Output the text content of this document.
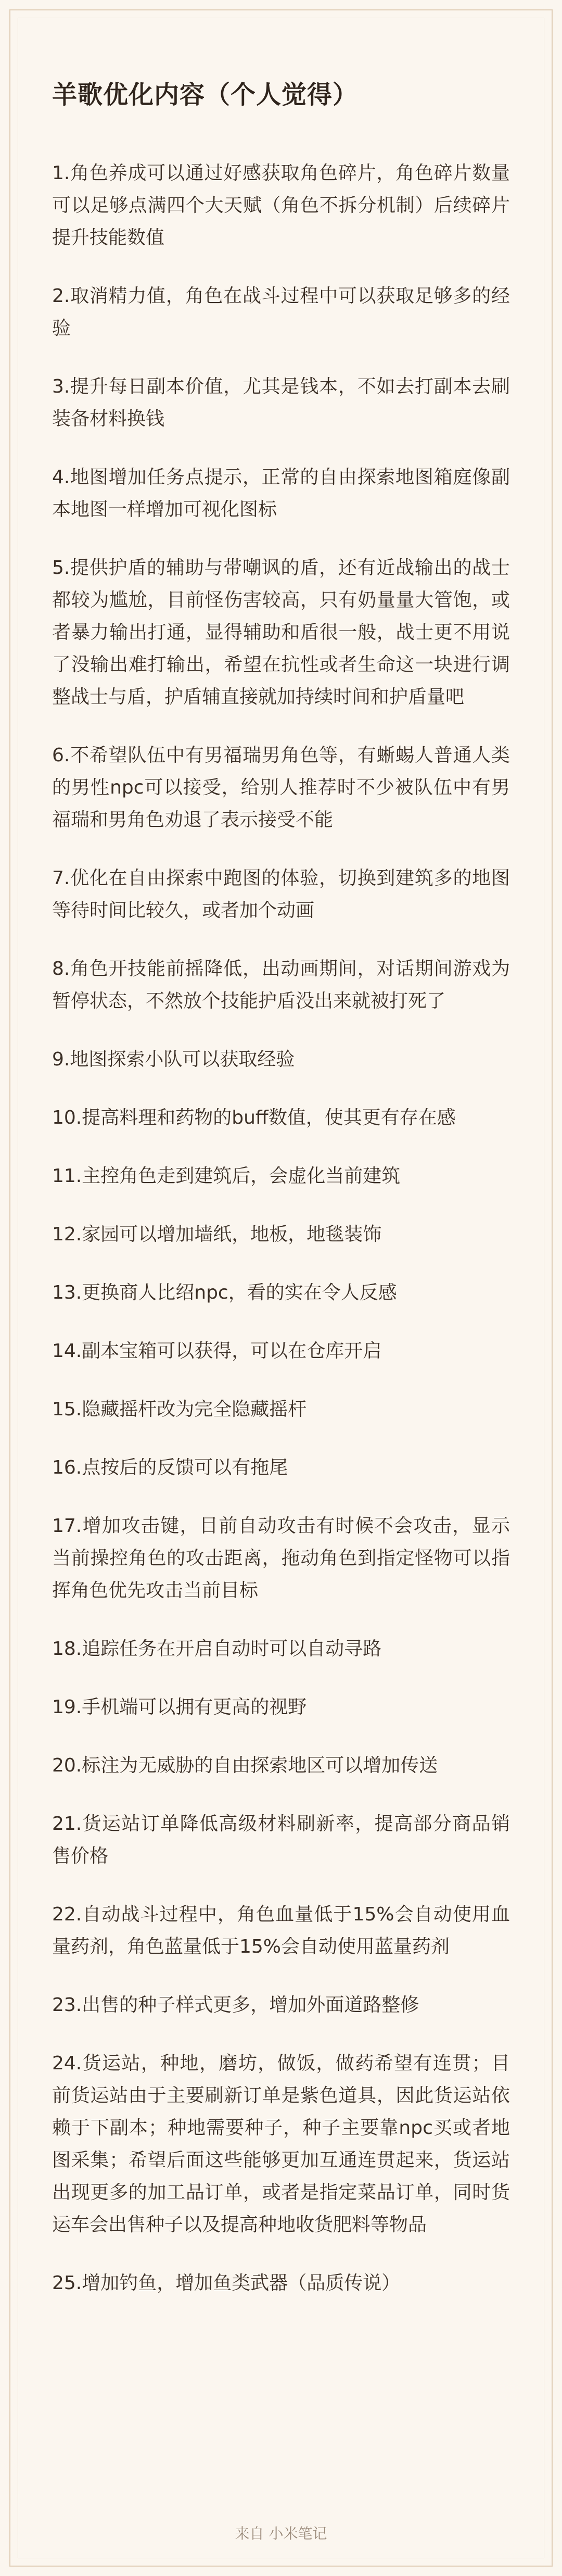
羊歌优化内容（个人觉得）

1.角色养成可以通过好感获取角色碎片，角色碎片数量可以足够点满四个大天赋（角色不拆分机制）后续碎片提升技能数值

2.取消精力值，角色在战斗过程中可以获取足够多的经验

3.提升每日副本价值，尤其是钱本，不如去打副本去刷装备材料换钱

4.地图增加任务点提示，正常的自由探索地图箱庭像副本地图一样增加可视化图标

5.提供护盾的辅助与带嘲讽的盾，还有近战输出的战士都较为尴尬，目前怪伤害较高，只有奶量量大管饱，或者暴力输出打通，显得辅助和盾很一般，战士更不用说了没输出难打输出，希望在抗性或者生命这一块进行调整战士与盾，护盾辅直接就加持续时间和护盾量吧

6.不希望队伍中有男福瑞男角色等，有蜥蜴人普通人类的男性npc可以接受，给别人推荐时不少被队伍中有男福瑞和男角色劝退了表示接受不能

7.优化在自由探索中跑图的体验，切换到建筑多的地图等待时间比较久，或者加个动画

8.角色开技能前摇降低，出动画期间，对话期间游戏为暂停状态，不然放个技能护盾没出来就被打死了

9.地图探索小队可以获取经验

10.提高料理和药物的buff数值，使其更有存在感

11.主控角色走到建筑后，会虚化当前建筑

12.家园可以增加墙纸，地板，地毯装饰

13.更换商人比绍npc，看的实在令人反感

14.副本宝箱可以获得，可以在仓库开启

15.隐藏摇杆改为完全隐藏摇杆

16.点按后的反馈可以有拖尾

17.增加攻击键，目前自动攻击有时候不会攻击，显示当前操控角色的攻击距离，拖动角色到指定怪物可以指挥角色优先攻击当前目标

18.追踪任务在开启自动时可以自动寻路

19.手机端可以拥有更高的视野

20.标注为无威胁的自由探索地区可以增加传送

21.货运站订单降低高级材料刷新率，提高部分商品销售价格

22.自动战斗过程中，角色血量低于15%会自动使用血量药剂，角色蓝量低于15%会自动使用蓝量药剂

23.出售的种子样式更多，增加外面道路整修

24.货运站，种地，磨坊，做饭，做药希望有连贯；目前货运站由于主要刷新订单是紫色道具，因此货运站依赖于下副本；种地需要种子，种子主要靠npc买或者地图采集；希望后面这些能够更加互通连贯起来，货运站出现更多的加工品订单，或者是指定菜品订单，同时货运车会出售种子以及提高种地收货肥料等物品

25.增加钓鱼，增加鱼类武器（品质传说）

来自 小米笔记
